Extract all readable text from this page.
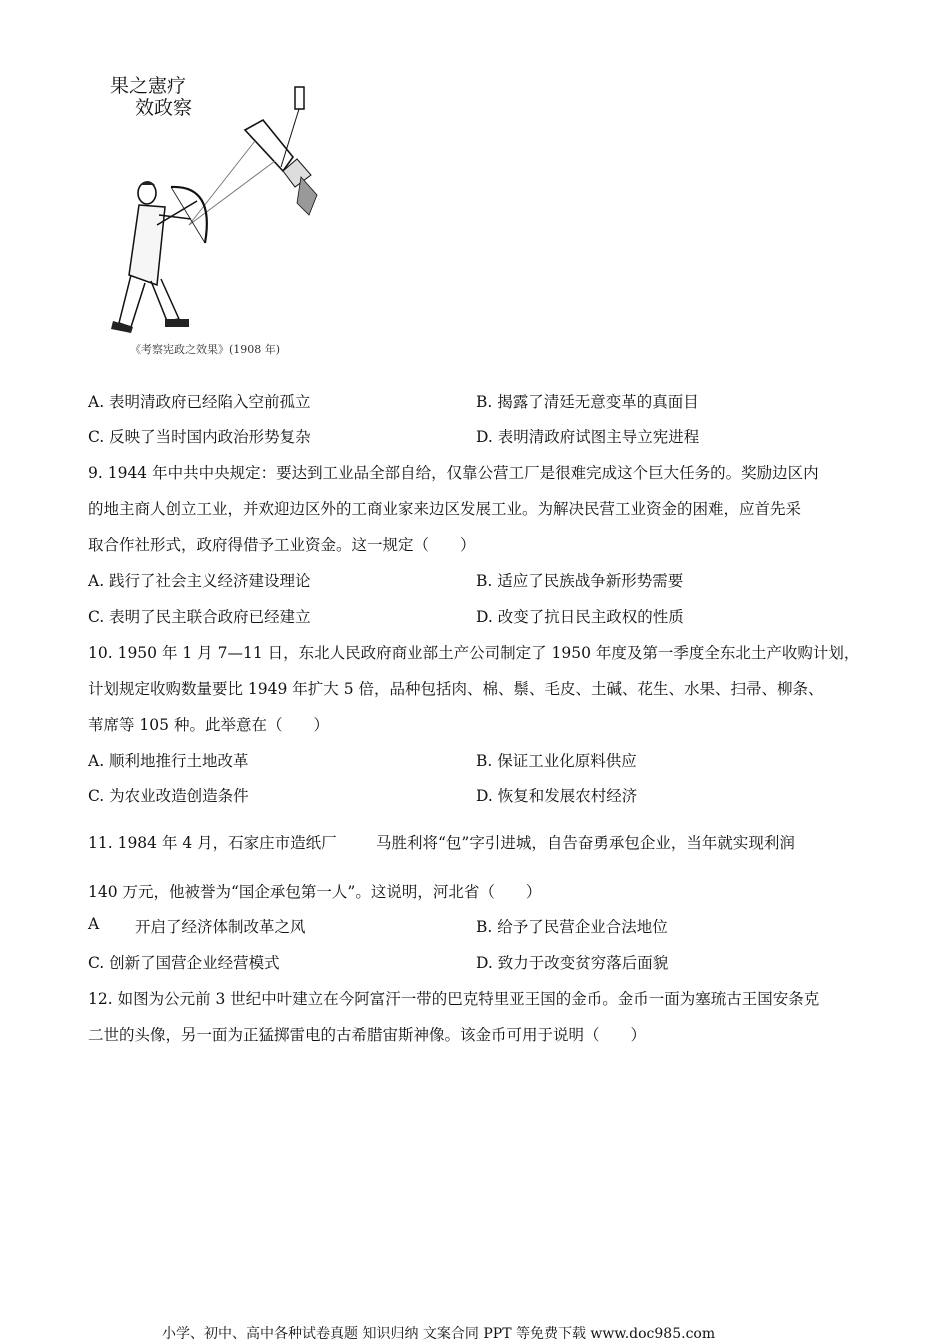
果之憲疗
效政察
《考察宪政之效果》(1908 年)
A. 表明清政府已经陷入空前孤立	B. 揭露了清廷无意变革的真面目
C. 反映了当时国内政治形势复杂	D. 表明清政府试图主导立宪进程
9. 1944 年中共中央规定：要达到工业品全部自给，仅靠公营工厂是很难完成这个巨大任务的。奖励边区内
的地主商人创立工业，并欢迎边区外的工商业家来边区发展工业。为解决民营工业资金的困难，应首先采
取合作社形式，政府得借予工业资金。这一规定（　　）
A. 践行了社会主义经济建设理论	B. 适应了民族战争新形势需要
C. 表明了民主联合政府已经建立	D. 改变了抗日民主政权的性质
10. 1950 年 1 月 7—11 日，东北人民政府商业部土产公司制定了 1950 年度及第一季度全东北土产收购计划，
计划规定收购数量要比 1949 年扩大 5 倍，品种包括肉、棉、鬃、毛皮、土碱、花生、水果、扫帚、柳条、
苇席等 105 种。此举意在（　　）
A. 顺利地推行土地改革	B. 保证工业化原料供应
C. 为农业改造创造条件	D. 恢复和发展农村经济
11. 1984 年 4 月，石家庄市造纸厂	马胜利将“包”字引进城，自告奋勇承包企业，当年就实现利润
140 万元，他被誉为“国企承包第一人”。这说明，河北省（　　）
A 开启了经济体制改革之风	B. 给予了民营企业合法地位
C. 创新了国营企业经营模式	D. 致力于改变贫穷落后面貌
12. 如图为公元前 3 世纪中叶建立在今阿富汗一带的巴克特里亚王国的金币。金币一面为塞琉古王国安条克
二世的头像，另一面为正猛掷雷电的古希腊宙斯神像。该金币可用于说明（　　）
小学、初中、高中各种试卷真题 知识归纳 文案合同 PPT 等免费下载 www.doc985.com
